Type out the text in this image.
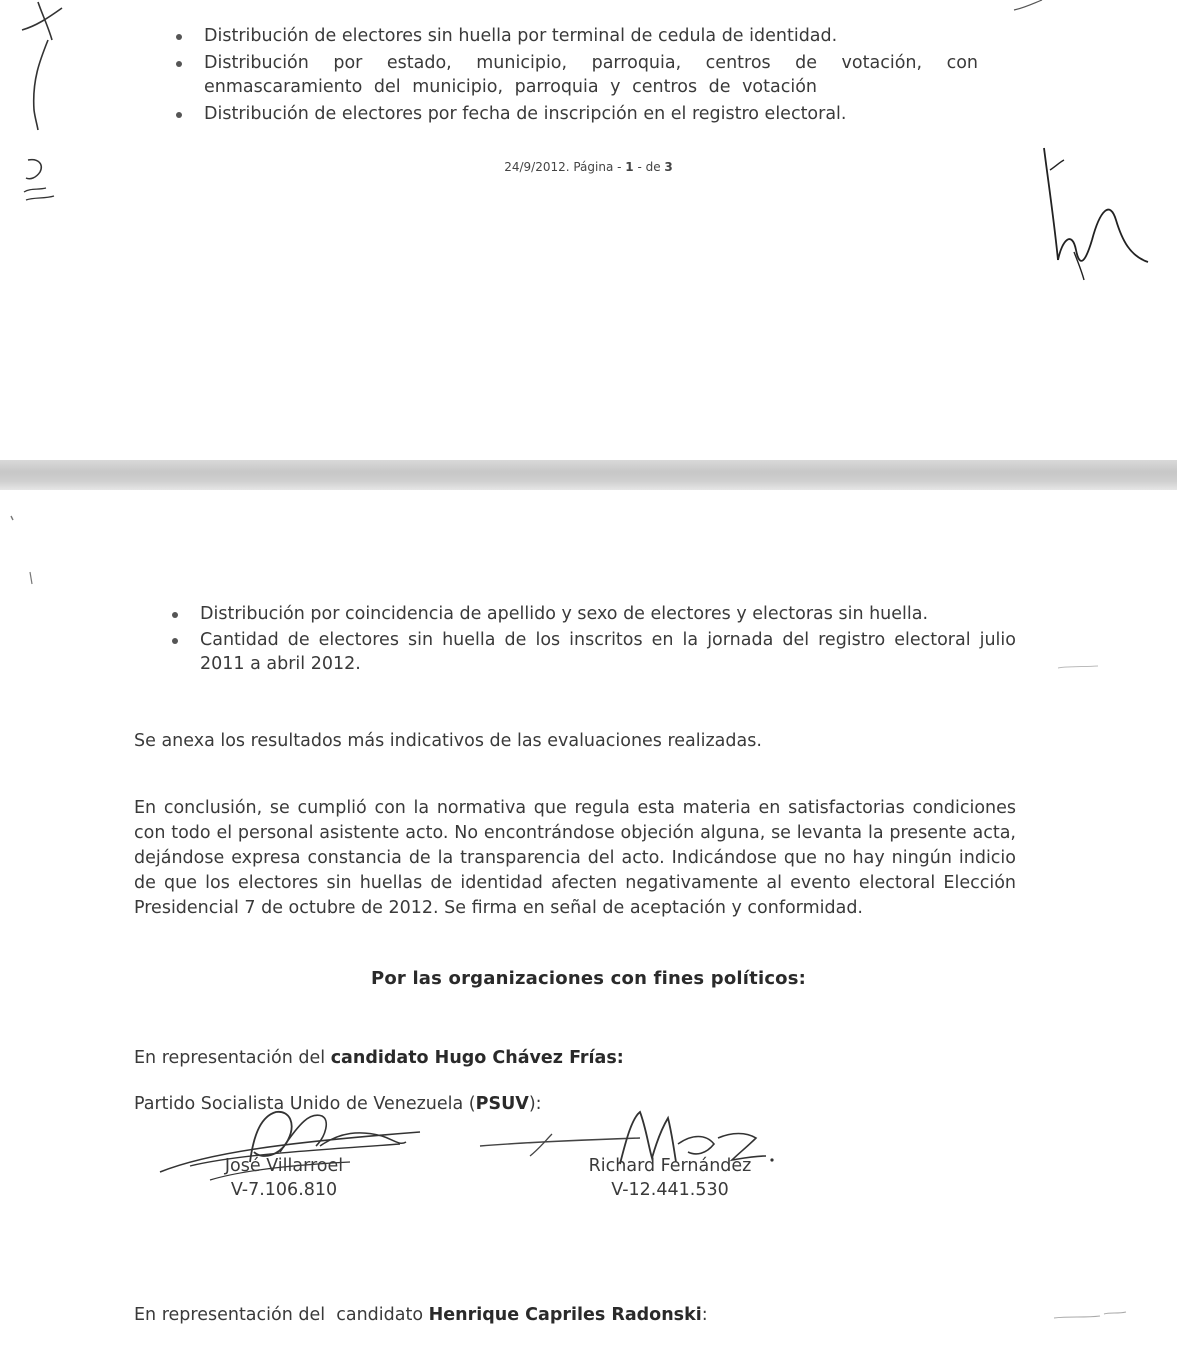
Distribución de electores sin huella por terminal de cedula de identidad.
Distribución por estado, municipio, parroquia, centros de votación, con enmascaramiento del municipio, parroquia y centros de votación
Distribución de electores por fecha de inscripción en el registro electoral.
24/9/2012. Página - 1 - de 3
Distribución por coincidencia de apellido y sexo de electores y electoras sin huella.
Cantidad de electores sin huella de los inscritos en la jornada del registro electoral julio 2011 a abril 2012.

Se anexa los resultados más indicativos de las evaluaciones realizadas.

En conclusión, se cumplió con la normativa que regula esta materia en satisfactorias condiciones con todo el personal asistente acto. No encontrándose objeción alguna, se levanta la presente acta, dejándose expresa constancia de la transparencia del acto. Indicándose que no hay ningún indicio de que los electores sin huellas de identidad afecten negativamente al evento electoral Elección Presidencial 7 de octubre de 2012. Se firma en señal de aceptación y conformidad.

Por las organizaciones con fines políticos:
En representación del candidato Hugo Chávez Frías:
Partido Socialista Unido de Venezuela (PSUV):
José Villarroel
V-7.106.810
Richard Fernández
V-12.441.530
En representación del  candidato Henrique Capriles Radonski:
